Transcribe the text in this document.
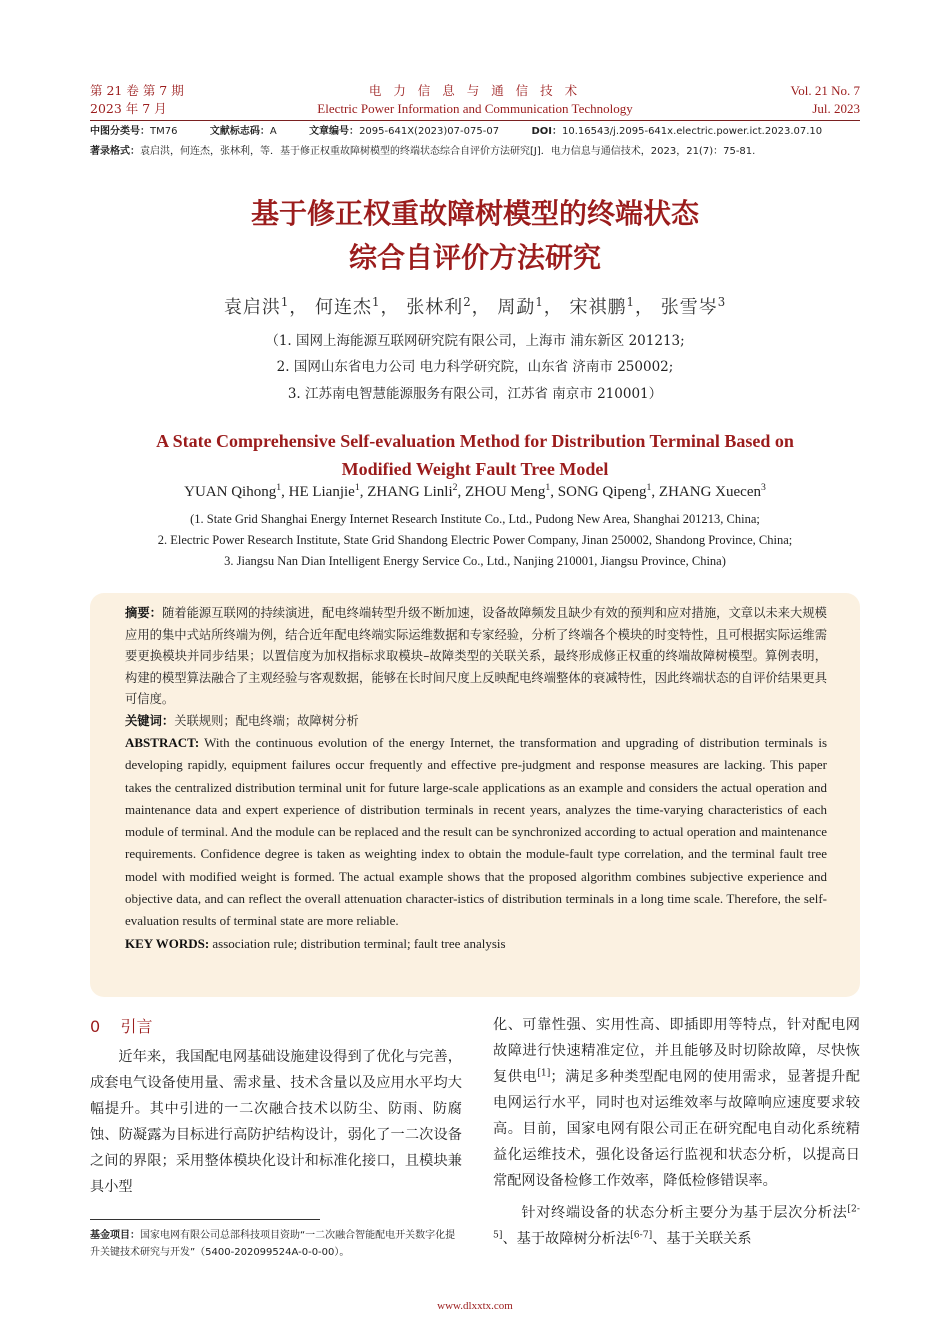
第 21 卷 第 7 期
2023 年 7 月
电 力 信 息 与 通 信 技 术
Electric Power Information and Communication Technology
Vol. 21 No. 7
Jul. 2023
中图分类号：TM76	文献标志码：A	文章编号：2095-641X(2023)07-075-07	DOI：10.16543/j.2095-641x.electric.power.ict.2023.07.10
著录格式：袁启洪，何连杰，张林利，等．基于修正权重故障树模型的终端状态综合自评价方法研究[J]．电力信息与通信技术，2023，21(7)：75-81.
基于修正权重故障树模型的终端状态
综合自评价方法研究
袁启洪$^1$， 何连杰$^1$， 张林利$^2$， 周勐$^1$， 宋祺鹏$^1$， 张雪岑$^3$
（1. 国网上海能源互联网研究院有限公司，上海市 浦东新区 201213;
2. 国网山东省电力公司 电力科学研究院，山东省 济南市 250002;
3. 江苏南电智慧能源服务有限公司，江苏省 南京市 210001）
A State Comprehensive Self-evaluation Method for Distribution Terminal Based on
Modified Weight Fault Tree Model
YUAN Qihong$^1$, HE Lianjie$^1$, ZHANG Linli$^2$, ZHOU Meng$^1$, SONG Qipeng$^1$, ZHANG Xuecen$^3$
(1. State Grid Shanghai Energy Internet Research Institute Co., Ltd., Pudong New Area, Shanghai 201213, China;
2. Electric Power Research Institute, State Grid Shandong Electric Power Company, Jinan 250002, Shandong Province, China;
3. Jiangsu Nan Dian Intelligent Energy Service Co., Ltd., Nanjing 210001, Jiangsu Province, China)

摘要：随着能源互联网的持续演进，配电终端转型升级不断加速，设备故障频发且缺少有效的预判和应对措施，文章以未来大规模应用的集中式站所终端为例，结合近年配电终端实际运维数据和专家经验，分析了终端各个模块的时变特性，且可根据实际运维需要更换模块并同步结果；以置信度为加权指标求取模块–故障类型的关联关系，最终形成修正权重的终端故障树模型。算例表明，构建的模型算法融合了主观经验与客观数据，能够在长时间尺度上反映配电终端整体的衰减特性，因此终端状态的自评价结果更具可信度。

关键词：关联规则；配电终端；故障树分析

ABSTRACT: With the continuous evolution of the energy Internet, the transformation and upgrading of distribution terminals is developing rapidly, equipment failures occur frequently and effective pre-judgment and response measures are lacking. This paper takes the centralized distribution terminal unit for future large-scale applications as an example and considers the actual operation and maintenance data and expert experience of distribution terminals in recent years, analyzes the time-varying characteristics of each module of terminal. And the module can be replaced and the result can be synchronized according to actual operation and maintenance requirements. Confidence degree is taken as weighting index to obtain the module-fault type correlation, and the terminal fault tree model with modified weight is formed. The actual example shows that the proposed algorithm combines subjective experience and objective data, and can reflect the overall attenuation character-istics of distribution terminals in a long time scale. Therefore, the self-evaluation results of terminal state are more reliable.

KEY WORDS: association rule; distribution terminal; fault tree analysis

0    引言

近年来，我国配电网基础设施建设得到了优化与完善，成套电气设备使用量、需求量、技术含量以及应用水平均大幅提升。其中引进的一二次融合技术以防尘、防雨、防腐蚀、防凝露为目标进行高防护结构设计，弱化了一二次设备之间的界限；采用整体模块化设计和标准化接口，且模块兼具小型

化、可靠性强、实用性高、即插即用等特点，针对配电网故障进行快速精准定位，并且能够及时切除故障，尽快恢复供电[1]；满足多种类型配电网的使用需求，显著提升配电网运行水平，同时也对运维效率与故障响应速度要求较高。目前，国家电网有限公司正在研究配电自动化系统精益化运维技术，强化设备运行监视和状态分析，以提高日常配网设备检修工作效率，降低检修错误率。

针对终端设备的状态分析主要分为基于层次分析法[2-5]、基于故障树分析法[6-7]、基于关联关系

基金项目：国家电网有限公司总部科技项目资助“一二次融合智能配电开关数字化提升关键技术研究与开发”（5400-202099524A-0-0-00）。
www.dlxxtx.com
